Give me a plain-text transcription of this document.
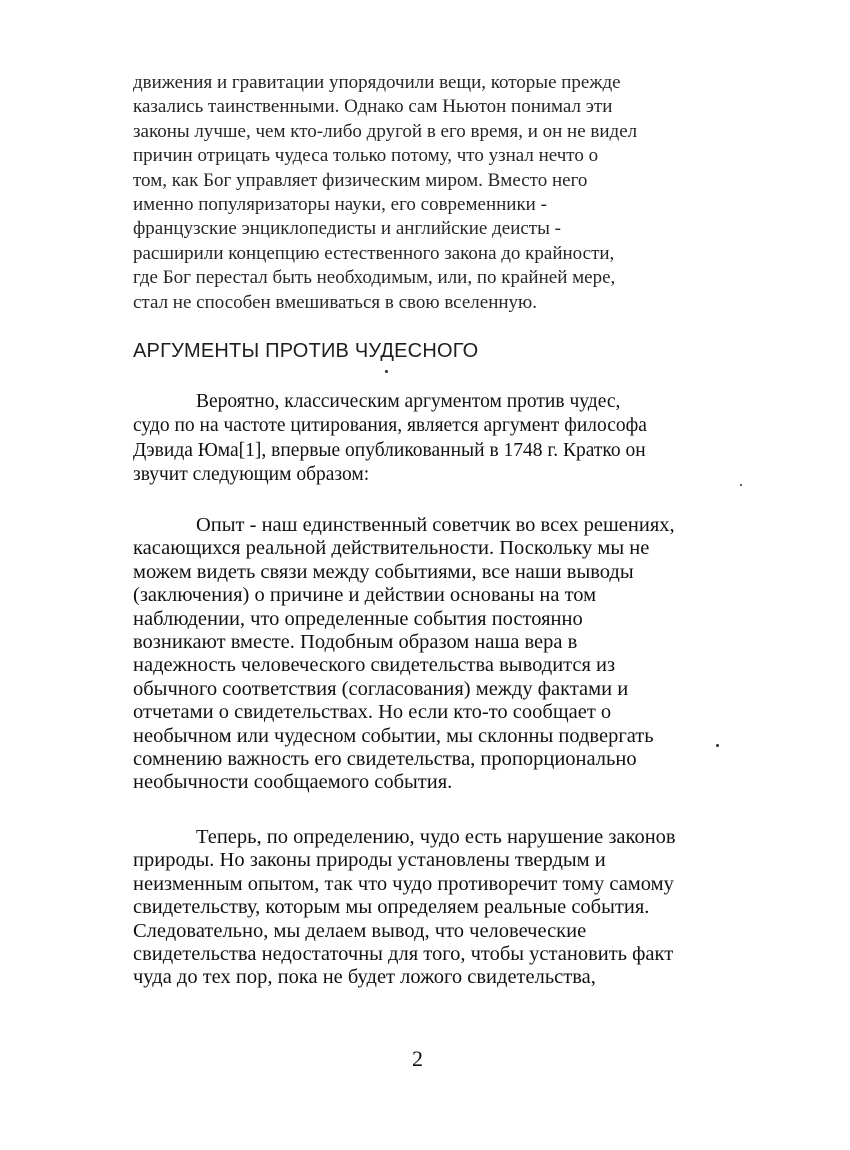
движения и гравитации упорядочили вещи, которые прежде
казались таинственными. Однако сам Ньютон понимал эти
законы лучше, чем кто-либо другой в его время, и он не видел
причин отрицать чудеса только потому, что узнал нечто о
том, как Бог управляет физическим миром. Вместо него
именно популяризаторы науки, его современники -
французские энциклопедисты и английские деисты -
расширили концепцию естественного закона до крайности,
где Бог перестал быть необходимым, или, по крайней мере,
стал не способен вмешиваться в свою вселенную.
АРГУМЕНТЫ ПРОТИВ ЧУДЕСНОГО
Вероятно, классическим аргументом против чудес,
судо по на частоте цитирования, является аргумент философа
Дэвида Юма[1], впервые опубликованный в 1748 г. Кратко он
звучит следующим образом:
Опыт - наш единственный советчик во всех решениях,
касающихся реальной действительности. Поскольку мы не
можем видеть связи между событиями, все наши выводы
(заключения) о причине и действии основаны на том
наблюдении, что определенные события постоянно
возникают вместе. Подобным образом наша вера в
надежность человеческого свидетельства выводится из
обычного соответствия (согласования) между фактами и
отчетами о свидетельствах. Но если кто-то сообщает о
необычном или чудесном событии, мы склонны подвергать
сомнению важность его свидетельства, пропорционально
необычности сообщаемого события.
Теперь, по определению, чудо есть нарушение законов
природы. Но законы природы установлены твердым и
неизменным опытом, так что чудо противоречит тому самому
свидетельству, которым мы определяем реальные события.
Следовательно, мы делаем вывод, что человеческие
свидетельства недостаточны для того, чтобы установить факт
чуда до тех пор, пока не будет ложого свидетельства,
2
